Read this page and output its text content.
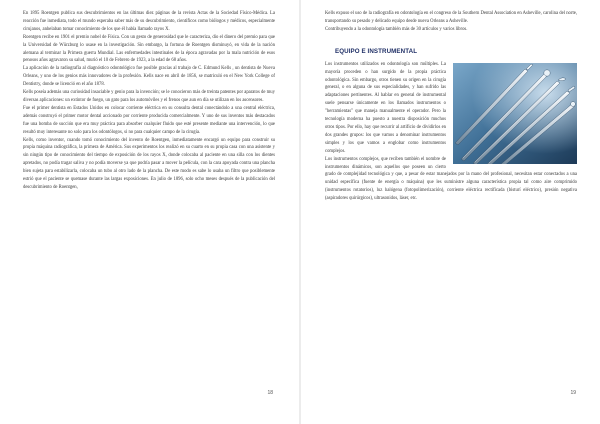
En 1895 Roentgen publica sus descubrimientos en las últimas diez páginas de la revista Actas de la Sociedad Físico-Médica. La reacción fue inmediata, todo el mundo esperaba saber más de su descubrimiento, científicos como biólogos y médicos, especialmente cirujanos, anhelaban tomar conocimiento de los que él había llamado rayos X.

Roentgen recibe en 1901 el premio nobel de Física. Con un gesto de generosidad que le caracteriza, dio el dinero del premio para que la Universidad de Würzburg lo usase en la investigación. Sin embargo, la fortuna de Roentgen disminuyó, en vida de la nación alemana al terminar la Primera guerra Mundial. Las enfermedades intestinales de la época agravadas por la mala nutrición de esos penosos años agravaron su salud, murió el 10 de Febrero de 1923, a la edad de 68 años.

La aplicación de la radiografía al diagnóstico odontológico fue posible gracias al trabajo de C. Edmund Kells , un dentista de Nueva Orleans, y uno de los genios más innovadores de la profesión. Kells nace en abril de 1856, se matriculó en el New York College of Dentistry, donde se licenció en el año 1878.

Kells poseía además una curiosidad insaciable y genio para la invención; se le conocieron más de treinta patentes por aparatos de muy diversas aplicaciones: un extintor de fuego, un gato para los automóviles y el frenos que aun en día se utilizan en los ascensores.

Fue el primer dentista en Estados Unidos en colocar corriente eléctrica en su consulta dental conectándolo a una central eléctrica, además construyó el primer motor dental accionado por corriente producida comercialmente. Y uno de sus inventos más destacados fue una bomba de succión que era muy práctica para absorber cualquier fluido que esté presente mediante una intervención, lo que resultó muy interesante no solo para los odontólogos, si no para cualquier campo de la cirugía.

Kells, como inventor, cuando tomó conocimiento del invento de Roentgen, inmediatamente encargó un equipo para construir su propia máquina radiográfica, la primera de América. Sus experimentos los realizó en su cuarto en su propia casa con una asistente y sin ningún tipo de conocimiento del tiempo de exposición de los rayos X, donde colocaba al paciente en una silla con los dientes apretados, no podía tragar saliva y no podía moverse ya que podría pasar a mover la película, con la cara apoyada contra una plancha bien sujeta para estabilizarla, colocaba un tubo al otro lado de la plancha. De este modo es sabe lo usaba un filtro que posiblemente estrió que el paciente se quemase durante las largas exposiciones. En julio de 1896, solo ocho meses después de la publicación del descubrimiento de Roentgen,

18

Kells expuso el uso de la radiografía en odontología en el congreso de la Southern Dental Association en Asheville, carolina del norte, transportando su pesado y delicado equipo desde nueva Orleans a Asheville.

Contribuyendo a la odontología también más de 30 artículos y varios libros.

EQUIPO E INSTRUMENTAL

Los instrumentos utilizados en odontología son múltiples. La mayoría proceden o han surgido de la propia práctica odontológica. Sin embargo, otros tienen su origen en la cirugía general, o en alguna de sus especialidades, y han sufrido las adaptaciones pertinentes. Al hablar en general de instrumental suele pensarse únicamente en los llamados instrumentos o "herramientas" que maneja manualmente el operador. Pero la tecnología moderna ha puesto a nuestra disposición muchos otros tipos. Por ello, hay que recurrir al artificio de dividirlos en dos grandes grupos: los que vamos a denominar instrumentos simples y los que vamos a englobar como instrumentos complejos.

Los instrumentos complejos, que reciben también el nombre de instrumentos dinámicos, son aquellos que poseen un cierto grado de complejidad tecnológica y que, a pesar de estar manejados por la mano del profesional, necesitan estar conectados a una unidad específica (fuente de energía o máquina) que les suministre alguna característica propia tal como aire comprimido (instrumentos rotatorios), luz halógena (fotopolimerización), corriente eléctrica rectificada (bisturí eléctrico), presión negativa (aspiradores quirúrgicos), ultrasonidos, láser, etc.

19
